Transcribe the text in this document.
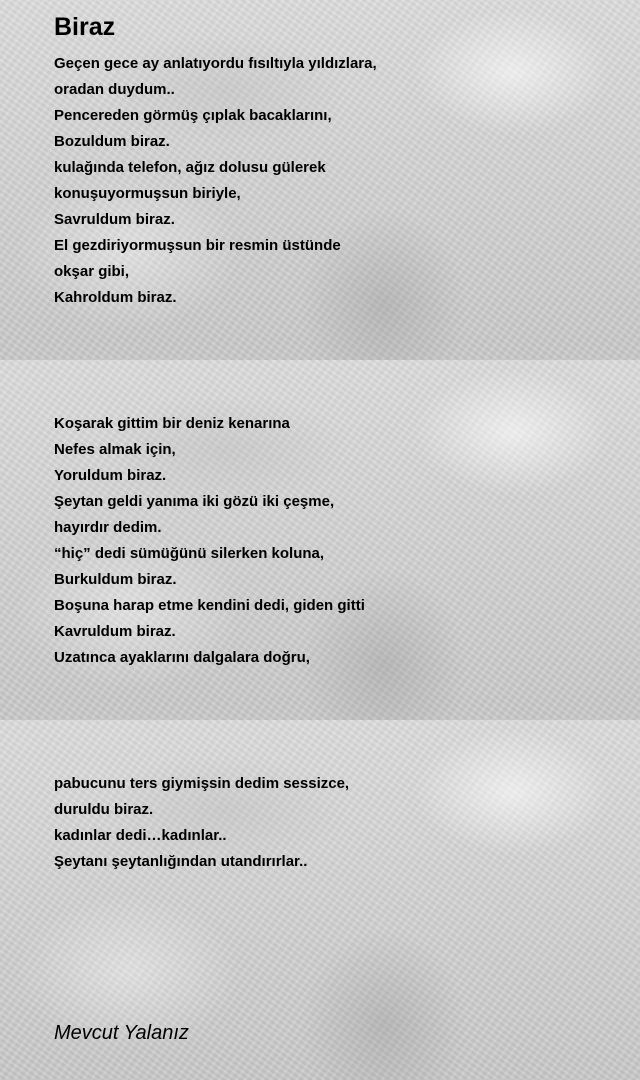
Biraz
Geçen gece ay anlatıyordu fısıltıyla yıldızlara,
oradan duydum..
Pencereden görmüş çıplak bacaklarını,
Bozuldum biraz.
kulağında telefon, ağız dolusu gülerek
konuşuyormuşsun biriyle,
Savruldum biraz.
El gezdiriyormuşsun bir resmin üstünde
okşar gibi,
Kahroldum biraz.
Koşarak gittim bir deniz kenarına
Nefes almak için,
Yoruldum biraz.
Şeytan geldi yanıma iki gözü iki çeşme,
hayırdır dedim.
“hiç” dedi sümüğünü silerken koluna,
Burkuldum biraz.
Boşuna harap etme kendini dedi, giden gitti
Kavruldum biraz.
Uzatınca ayaklarını dalgalara doğru,
pabucunu ters giymişsin dedim sessizce,
duruldu biraz.
kadınlar dedi…kadınlar..
Şeytanı şeytanlığından utandırırlar..

Mevcut Yalanız
